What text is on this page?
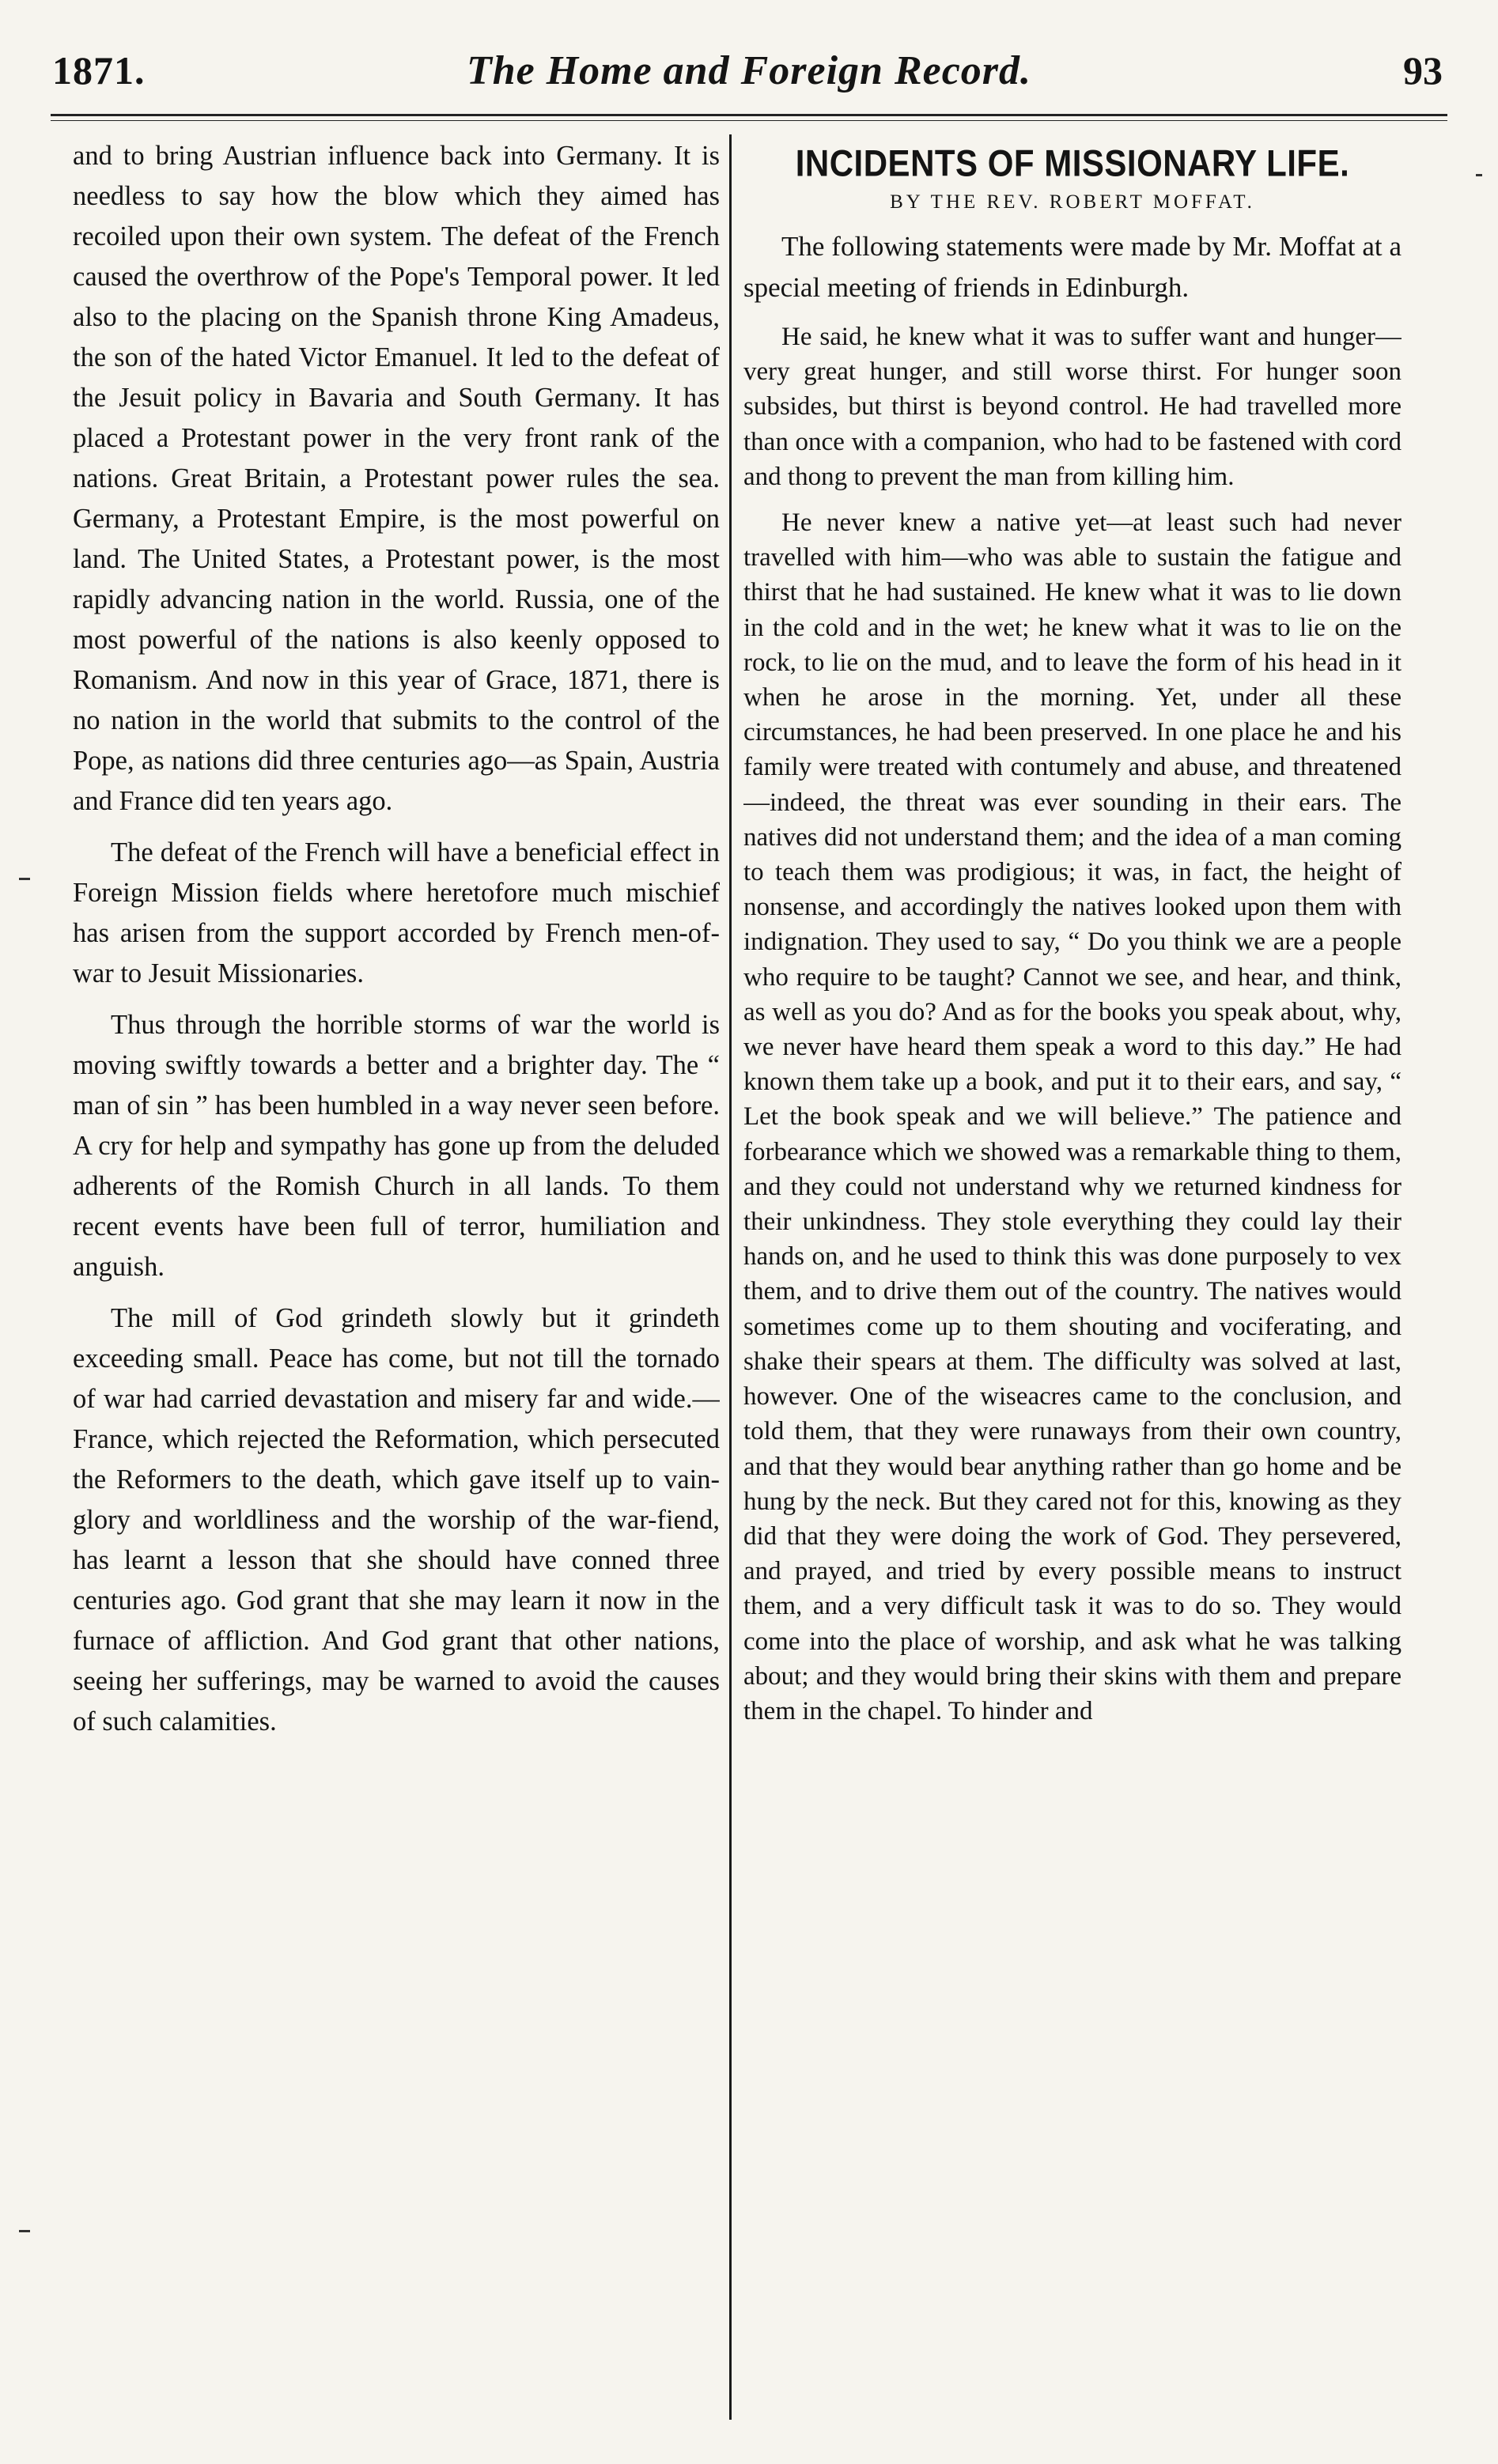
1871.	The Home and Foreign Record.	93

and to bring Austrian influence back into Germany. It is needless to say how the blow which they aimed has recoiled upon their own system. The defeat of the French caused the overthrow of the Pope's Temporal power. It led also to the placing on the Spanish throne King Amadeus, the son of the hated Victor Emanuel. It led to the defeat of the Jesuit policy in Bavaria and South Germany. It has placed a Protestant power in the very front rank of the nations. Great Britain, a Protestant power rules the sea. Germany, a Protestant Empire, is the most powerful on land. The United States, a Protestant power, is the most rapidly advancing nation in the world. Russia, one of the most powerful of the nations is also keenly opposed to Romanism. And now in this year of Grace, 1871, there is no nation in the world that submits to the control of the Pope, as nations did three centuries ago—as Spain, Austria and France did ten years ago.

The defeat of the French will have a beneficial effect in Foreign Mission fields where heretofore much mischief has arisen from the support accorded by French men-of-war to Jesuit Missionaries.

Thus through the horrible storms of war the world is moving swiftly towards a better and a brighter day. The “ man of sin ” has been humbled in a way never seen before. A cry for help and sympathy has gone up from the deluded adherents of the Romish Church in all lands. To them recent events have been full of terror, humiliation and anguish.

The mill of God grindeth slowly but it grindeth exceeding small. Peace has come, but not till the tornado of war had carried devastation and misery far and wide.—France, which rejected the Reformation, which persecuted the Reformers to the death, which gave itself up to vain-glory and worldliness and the worship of the war-fiend, has learnt a lesson that she should have conned three centuries ago. God grant that she may learn it now in the furnace of affliction. And God grant that other nations, seeing her sufferings, may be warned to avoid the causes of such calamities.

INCIDENTS OF MISSIONARY LIFE.
BY THE REV. ROBERT MOFFAT.

The following statements were made by Mr. Moffat at a special meeting of friends in Edinburgh.

He said, he knew what it was to suffer want and hunger—very great hunger, and still worse thirst. For hunger soon subsides, but thirst is beyond control. He had travelled more than once with a companion, who had to be fastened with cord and thong to prevent the man from killing him.

He never knew a native yet—at least such had never travelled with him—who was able to sustain the fatigue and thirst that he had sustained. He knew what it was to lie down in the cold and in the wet; he knew what it was to lie on the rock, to lie on the mud, and to leave the form of his head in it when he arose in the morning. Yet, under all these circumstances, he had been preserved. In one place he and his family were treated with contumely and abuse, and threatened—indeed, the threat was ever sounding in their ears. The natives did not understand them; and the idea of a man coming to teach them was prodigious; it was, in fact, the height of nonsense, and accordingly the natives looked upon them with indignation. They used to say, “ Do you think we are a people who require to be taught? Cannot we see, and hear, and think, as well as you do? And as for the books you speak about, why, we never have heard them speak a word to this day.” He had known them take up a book, and put it to their ears, and say, “ Let the book speak and we will believe.” The patience and forbearance which we showed was a remarkable thing to them, and they could not understand why we returned kindness for their unkindness. They stole everything they could lay their hands on, and he used to think this was done purposely to vex them, and to drive them out of the country. The natives would sometimes come up to them shouting and vociferating, and shake their spears at them. The difficulty was solved at last, however. One of the wiseacres came to the conclusion, and told them, that they were runaways from their own country, and that they would bear anything rather than go home and be hung by the neck. But they cared not for this, knowing as they did that they were doing the work of God. They persevered, and prayed, and tried by every possible means to instruct them, and a very difficult task it was to do so. They would come into the place of worship, and ask what he was talking about; and they would bring their skins with them and prepare them in the chapel. To hinder and
